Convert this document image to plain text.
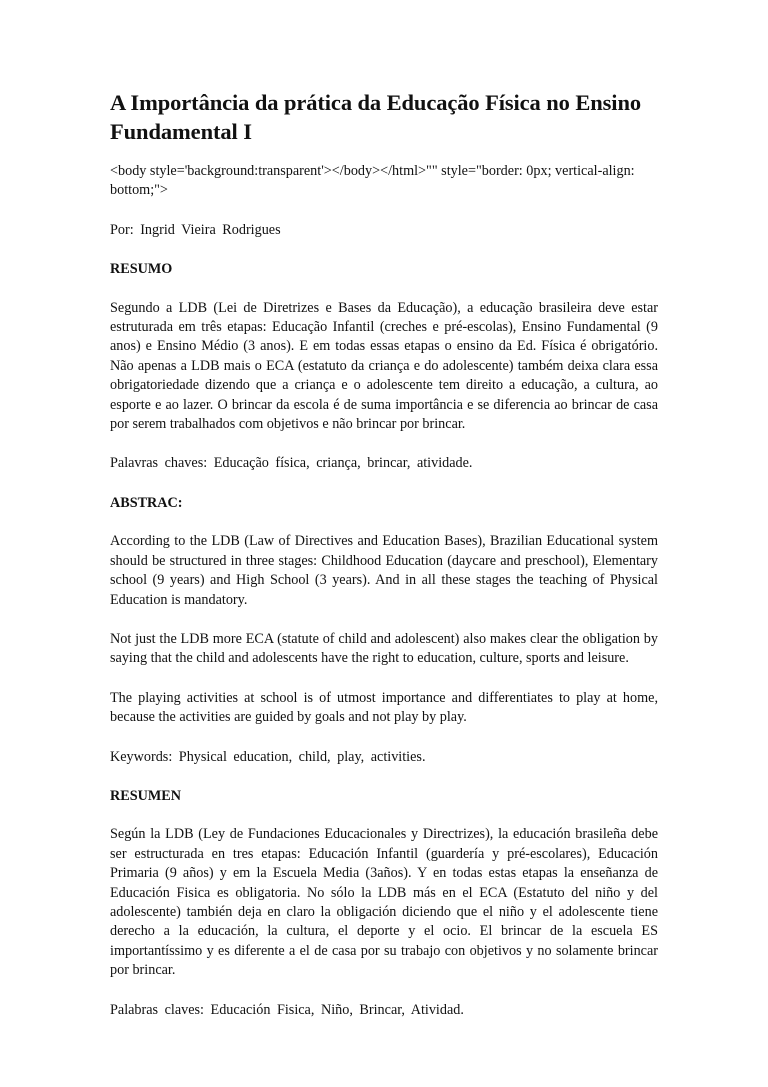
A Importância da prática da Educação Física no Ensino Fundamental I

<body style='background:transparent'></body></html>"" style="border: 0px; vertical-align: bottom;">

Por: Ingrid Vieira Rodrigues

RESUMO

Segundo a LDB (Lei de Diretrizes e Bases da Educação), a educação brasileira deve estar estruturada em três etapas: Educação Infantil (creches e pré-escolas), Ensino Fundamental (9 anos) e Ensino Médio (3 anos). E em todas essas etapas o ensino da Ed. Física é obrigatório. Não apenas a LDB mais o ECA (estatuto da criança e do adolescente) também deixa clara essa obrigatoriedade dizendo que a criança e o adolescente tem direito a educação, a cultura, ao esporte e ao lazer. O brincar da escola é de suma importância e se diferencia ao brincar de casa por serem trabalhados com objetivos e não brincar por brincar.

Palavras chaves: Educação física, criança, brincar, atividade.

ABSTRAC:

According to the LDB (Law of Directives and Education Bases), Brazilian Educational system should be structured in three stages: Childhood Education (daycare and preschool), Elementary school (9 years) and High School (3 years). And in all these stages the teaching of Physical Education is mandatory.

Not just the LDB more ECA (statute of child and adolescent) also makes clear the obligation by saying that the child and adolescents have the right to education, culture, sports and leisure.

The playing activities at school is of utmost importance and differentiates to play at home, because the activities are guided by goals and not play by play.

Keywords: Physical education, child, play, activities.

RESUMEN

Según la LDB (Ley de Fundaciones Educacionales y Directrizes), la educación brasileña debe ser estructurada en tres etapas: Educación Infantil (guardería y pré-escolares), Educación Primaria (9 años) y em la Escuela Media (3años). Y en todas estas etapas la enseñanza de Educación Fisica es obligatoria. No sólo la LDB más en el ECA (Estatuto del niño y del adolescente) también deja en claro la obligación diciendo que el niño y el adolescente tiene derecho a la educación, la cultura, el deporte y el ocio. El brincar de la escuela ES importantíssimo y es diferente a el de casa por su trabajo con objetivos y no solamente brincar por brincar.

Palabras claves: Educación Fisica, Niño, Brincar, Atividad.
